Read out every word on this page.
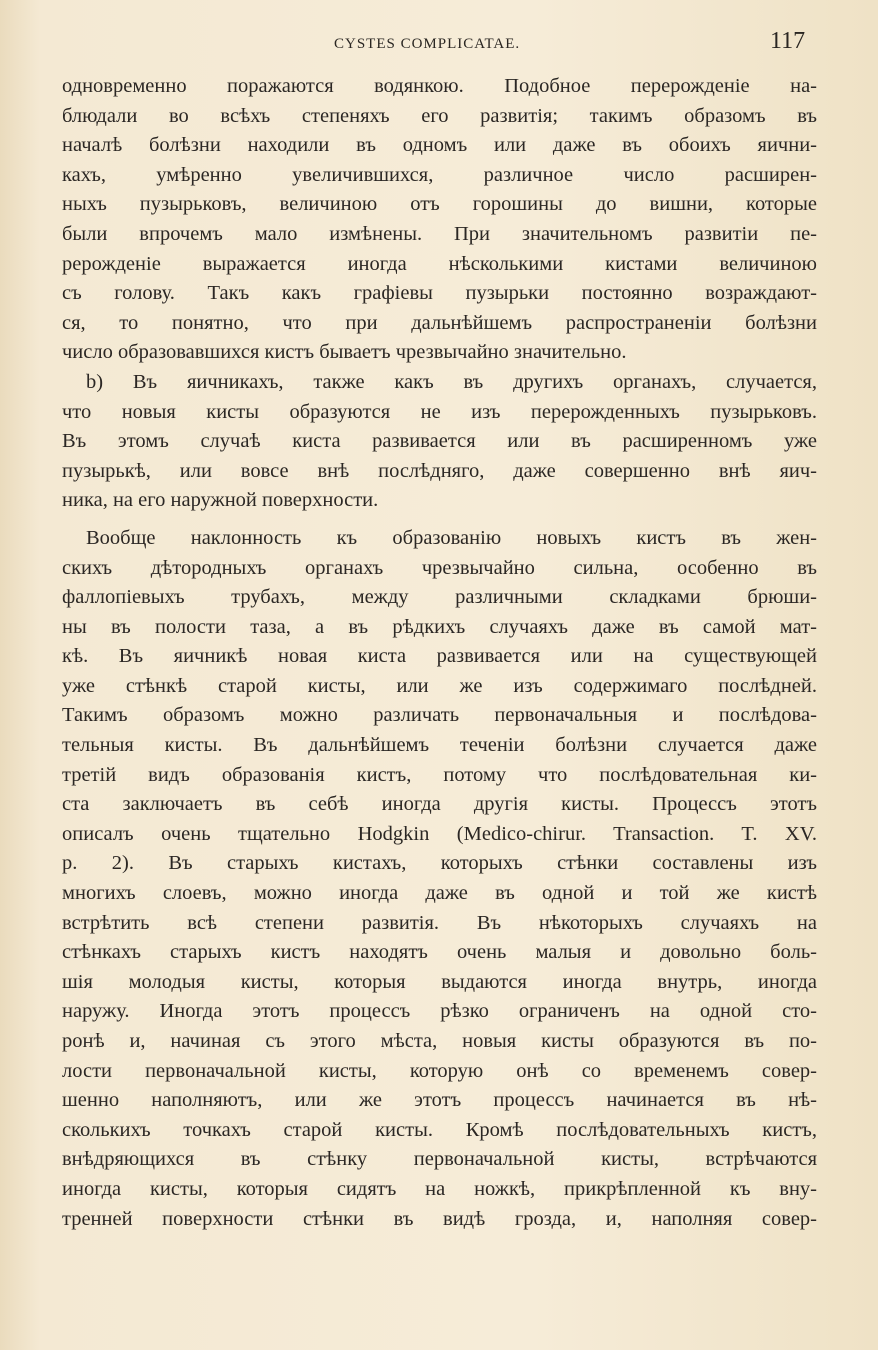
CYSTES COMPLICATAE.	117
одновременно поражаются водянкою. Подобное перерожденіе на-
блюдали во всѣхъ степеняхъ его развитія; такимъ образомъ въ
началѣ болѣзни находили въ одномъ или даже въ обоихъ яични-
кахъ, умѣренно увеличившихся, различное число расширен-
ныхъ пузырьковъ, величиною отъ горошины до вишни, которые
были впрочемъ мало измѣнены. При значительномъ развитіи пе-
рерожденіе выражается иногда нѣсколькими кистами величиною
съ голову. Такъ какъ графіевы пузырьки постоянно возраждают-
ся, то понятно, что при дальнѣйшемъ распространеніи болѣзни
число образовавшихся кистъ бываетъ чрезвычайно значительно.
b) Въ яичникахъ, также какъ въ другихъ органахъ, случается,
что новыя кисты образуются не изъ перерожденныхъ пузырьковъ.
Въ этомъ случаѣ киста развивается или въ расширенномъ уже
пузырькѣ, или вовсе внѣ послѣдняго, даже совершенно внѣ яич-
ника, на его наружной поверхности.
Вообще наклонность къ образованію новыхъ кистъ въ жен-
скихъ дѣтородныхъ органахъ чрезвычайно сильна, особенно въ
фаллопіевыхъ трубахъ, между различными складками брюши-
ны въ полости таза, а въ рѣдкихъ случаяхъ даже въ самой мат-
кѣ. Въ яичникѣ новая киста развивается или на существующей
уже стѣнкѣ старой кисты, или же изъ содержимаго послѣдней.
Такимъ образомъ можно различать первоначальныя и послѣдова-
тельныя кисты. Въ дальнѣйшемъ теченіи болѣзни случается даже
третій видъ образованія кистъ, потому что послѣдовательная ки-
ста заключаетъ въ себѣ иногда другія кисты. Процессъ этотъ
описалъ очень тщательно Hodgkin (Medico-chirur. Transaction. T. XV.
p. 2). Въ старыхъ кистахъ, которыхъ стѣнки составлены изъ
многихъ слоевъ, можно иногда даже въ одной и той же кистѣ
встрѣтить всѣ степени развитія. Въ нѣкоторыхъ случаяхъ на
стѣнкахъ старыхъ кистъ находятъ очень малыя и довольно боль-
шія молодыя кисты, которыя выдаются иногда внутрь, иногда
наружу. Иногда этотъ процессъ рѣзко ограниченъ на одной сто-
ронѣ и, начиная съ этого мѣста, новыя кисты образуются въ по-
лости первоначальной кисты, которую онѣ со временемъ совер-
шенно наполняютъ, или же этотъ процессъ начинается въ нѣ-
сколькихъ точкахъ старой кисты. Кромѣ послѣдовательныхъ кистъ,
внѣдряющихся въ стѣнку первоначальной кисты, встрѣчаются
иногда кисты, которыя сидятъ на ножкѣ, прикрѣпленной къ вну-
тренней поверхности стѣнки въ видѣ грозда, и, наполняя совер-
